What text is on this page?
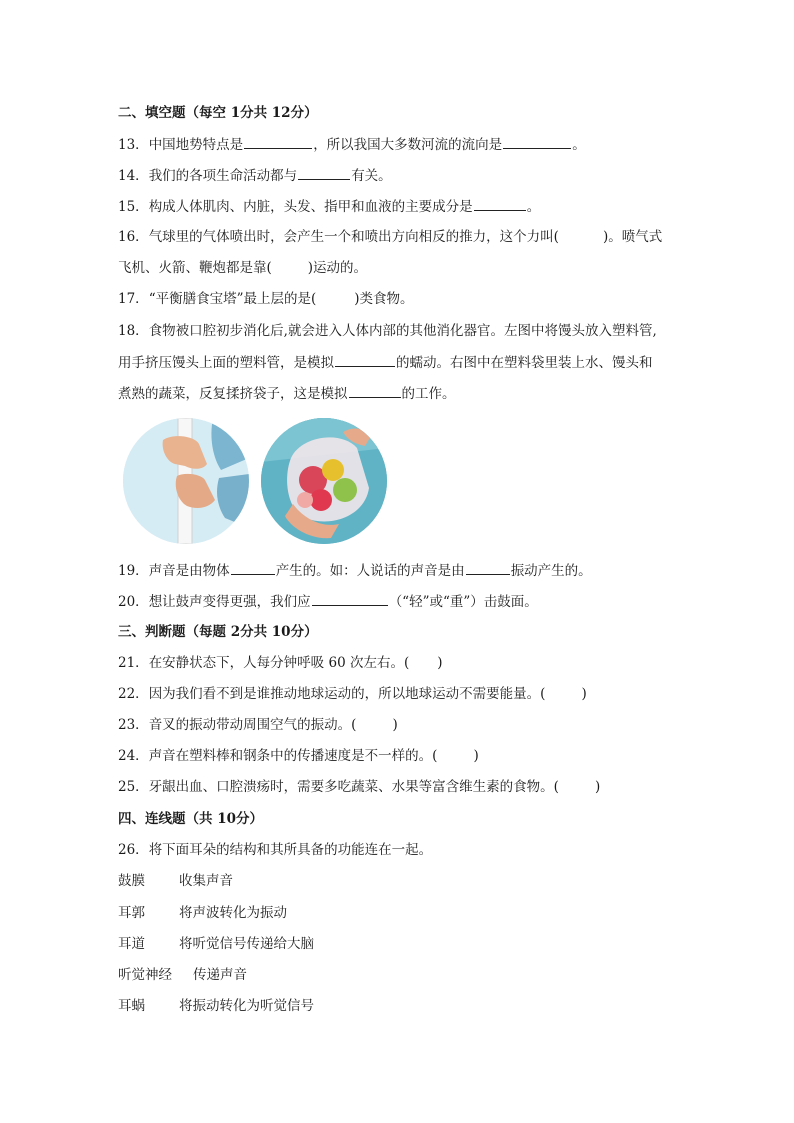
二、填空题（每空 1分共 12分）
13．中国地势特点是	，所以我国大多数河流的流向是	。
14．我们的各项生命活动都与	有关。
15．构成人体肌肉、内脏，头发、指甲和血液的主要成分是	。
16．气球里的气体喷出时，会产生一个和喷出方向相反的推力，这个力叫(	)。喷气式
飞机、火箭、鞭炮都是靠(	)运动的。
17．“平衡膳食宝塔”最上层的是(	)类食物。
18．食物被口腔初步消化后,就会进入人体内部的其他消化器官。左图中将馒头放入塑料管,
用手挤压馒头上面的塑料管，是模拟	的蠕动。右图中在塑料袋里装上水、馒头和
煮熟的蔬菜，反复揉挤袋子，这是模拟	的工作。
19．声音是由物体	产生的。如：人说话的声音是由	振动产生的。
20．想让鼓声变得更强，我们应	（“轻”或“重”）击鼓面。
三、判断题（每题 2分共 10分）
21．在安静状态下，人每分钟呼吸 60 次左右。( )
22．因为我们看不到是谁推动地球运动的，所以地球运动不需要能量。(	)
23．音叉的振动带动周围空气的振动。(	)
24．声音在塑料棒和钢条中的传播速度是不一样的。(	)
25．牙龈出血、口腔溃疡时，需要多吃蔬菜、水果等富含维生素的食物。(	)
四、连线题（共 10分）
26．将下面耳朵的结构和其所具备的功能连在一起。
鼓膜	收集声音
耳郭	将声波转化为振动
耳道	将听觉信号传递给大脑
听觉神经 传递声音
耳蜗	将振动转化为听觉信号
